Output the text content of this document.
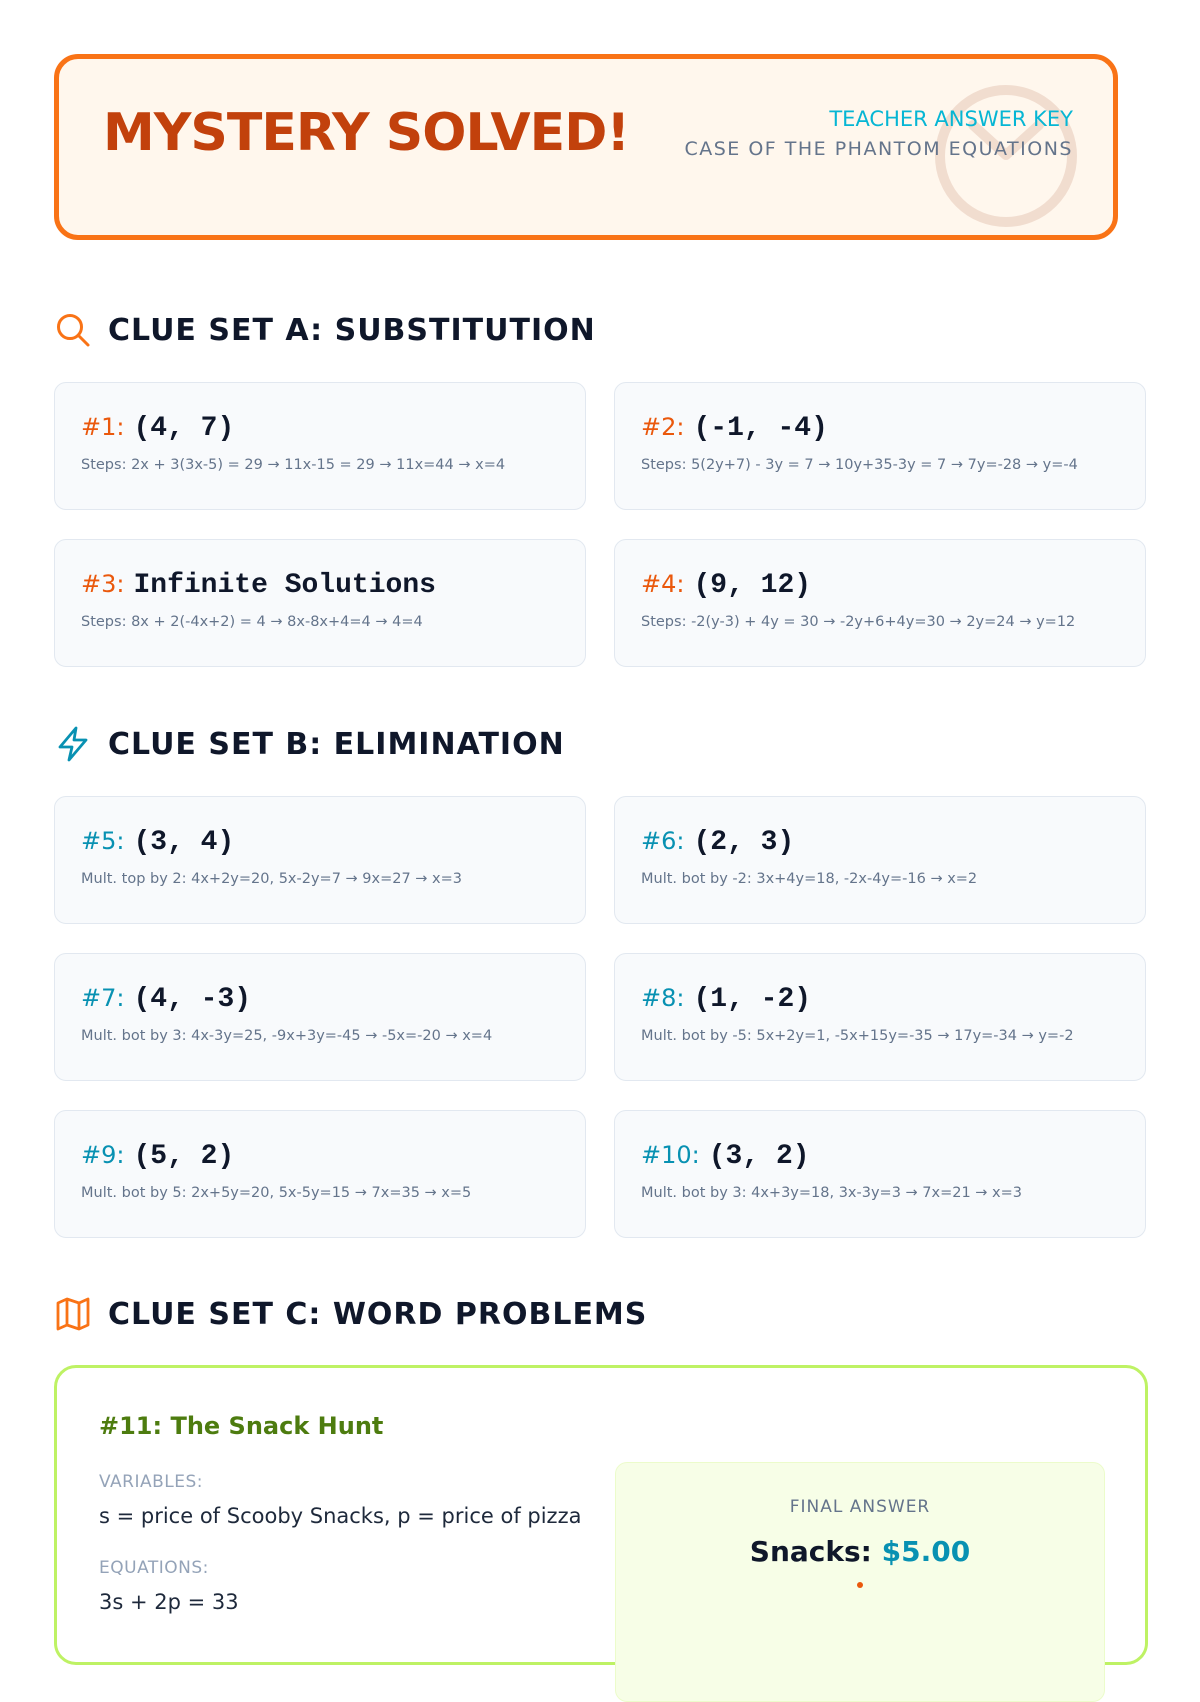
MYSTERY SOLVED!	TEACHER ANSWER KEY
CASE OF THE PHANTOM EQUATIONS
CLUE SET A: SUBSTITUTION
#1: (4, 7)
Steps: 2x + 3(3x-5) = 29 → 11x-15 = 29 → 11x=44 → x=4
#2: (-1, -4)
Steps: 5(2y+7) - 3y = 7 → 10y+35-3y = 7 → 7y=-28 → y=-4
#3: Infinite Solutions
Steps: 8x + 2(-4x+2) = 4 → 8x-8x+4=4 → 4=4
#4: (9, 12)
Steps: -2(y-3) + 4y = 30 → -2y+6+4y=30 → 2y=24 → y=12
CLUE SET B: ELIMINATION
#5: (3, 4)
Mult. top by 2: 4x+2y=20, 5x-2y=7 → 9x=27 → x=3
#6: (2, 3)
Mult. bot by -2: 3x+4y=18, -2x-4y=-16 → x=2
#7: (4, -3)
Mult. bot by 3: 4x-3y=25, -9x+3y=-45 → -5x=-20 → x=4
#8: (1, -2)
Mult. bot by -5: 5x+2y=1, -5x+15y=-35 → 17y=-34 → y=-2
#9: (5, 2)
Mult. bot by 5: 2x+5y=20, 5x-5y=15 → 7x=35 → x=5
#10: (3, 2)
Mult. bot by 3: 4x+3y=18, 3x-3y=3 → 7x=21 → x=3
CLUE SET C: WORD PROBLEMS
#11: The Snack Hunt
VARIABLES:
s = price of Scooby Snacks, p = price of pizza
EQUATIONS:
3s + 2p = 33
FINAL ANSWER
Snacks: $5.00
